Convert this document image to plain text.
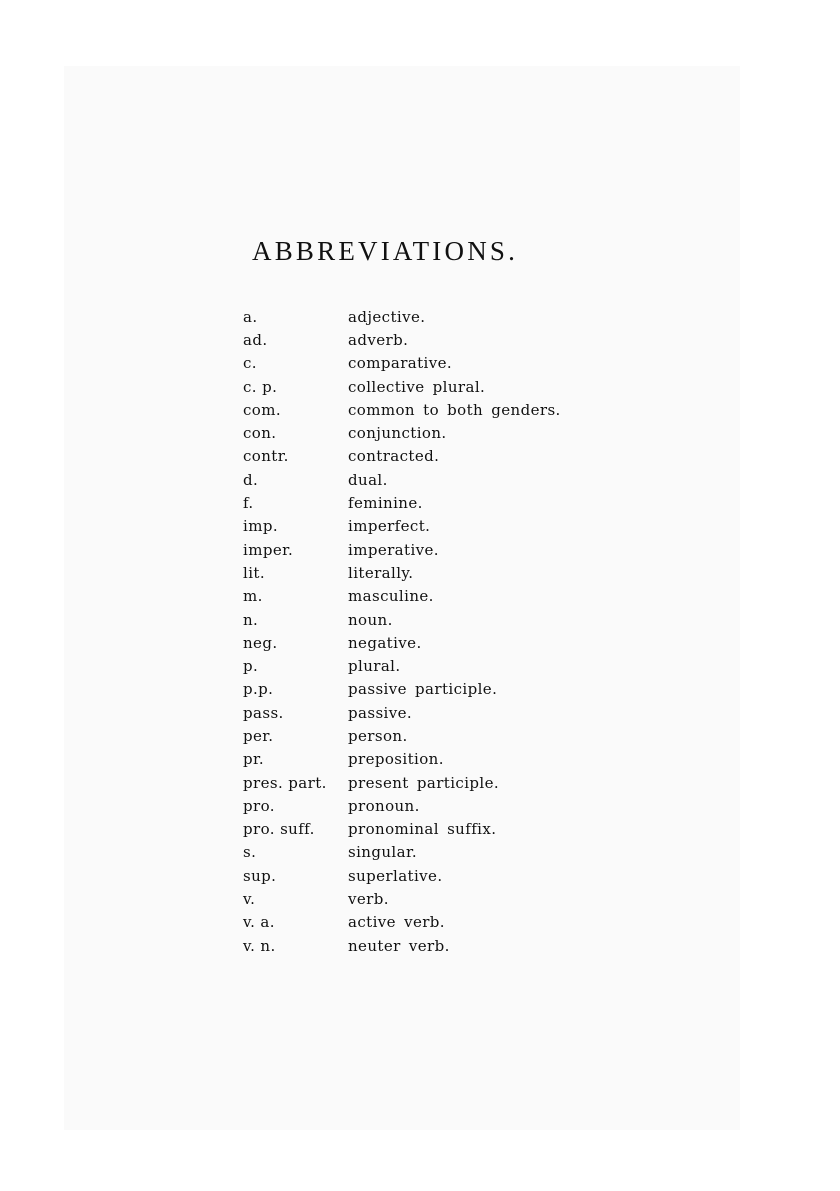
ABBREVIATIONS.
a.	adjective.
ad.	adverb.
c.	comparative.
c. p.	collective plural.
com.	common to both genders.
con.	conjunction.
contr.	contracted.
d.	dual.
f.	feminine.
imp.	imperfect.
imper.	imperative.
lit.	literally.
m.	masculine.
n.	noun.
neg.	negative.
p.	plural.
p.p.	passive participle.
pass.	passive.
per.	person.
pr.	preposition.
pres. part.	present participle.
pro.	pronoun.
pro. suff.	pronominal suffix.
s.	singular.
sup.	superlative.
v.	verb.
v. a.	active verb.
v. n.	neuter verb.
